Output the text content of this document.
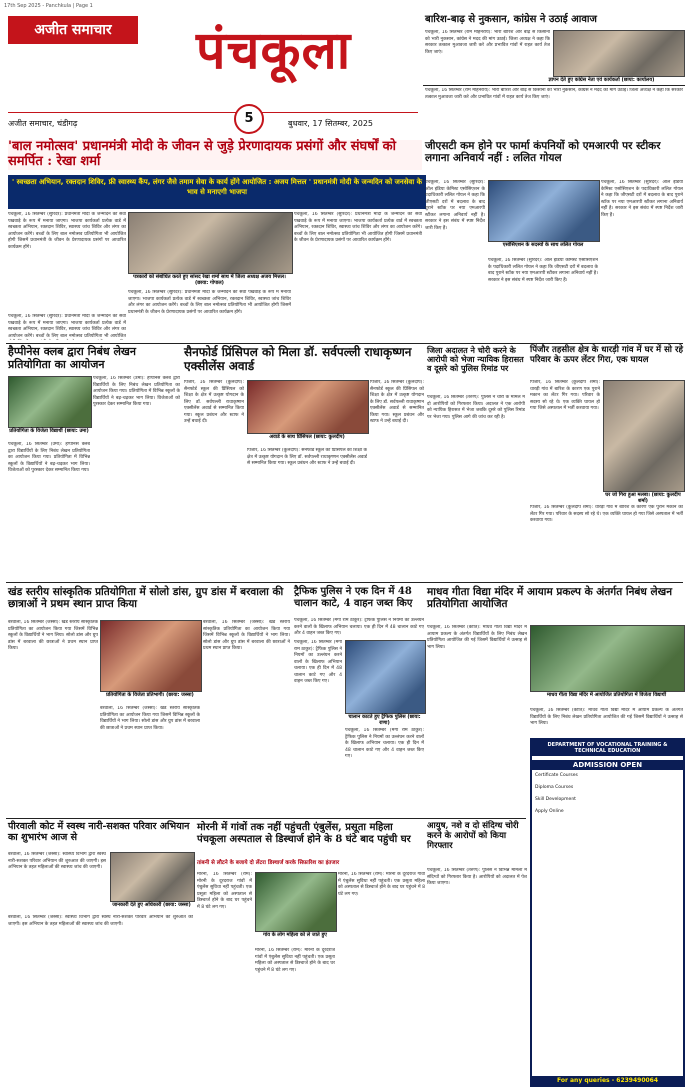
17th Sep 2025 - Panchkula | Page 1
अजीत समाचार	पंचकूला
अजीत समाचार, चंडीगढ़	बुधवार, 17 सितम्बर, 2025
5
बारिश-बाढ़ से नुकसान, कांग्रेस ने उठाई आवाज
पंचकूला, 16 सितम्बर (राम मोहनराय): भारी बारिश और बाढ़ से किसानों को भारी नुकसान, कांग्रेस ने मदद की मांग उठाई। जिला अध्यक्ष ने कहा कि सरकार तत्काल मुआवजा जारी करे और प्रभावित गांवों में राहत कार्य तेज किए जाएं।
ज्ञापन देते हुए कांग्रेस नेता एवं कार्यकर्ता (छाया: कार्यालय)
पंचकूला, 16 सितम्बर (राम मोहनराय): भारी बारिश और बाढ़ से किसानों को भारी नुकसान, कांग्रेस ने मदद की मांग उठाई। जिला अध्यक्ष ने कहा कि सरकार तत्काल मुआवजा जारी करे और प्रभावित गांवों में राहत कार्य तेज किए जाएं।
'बाल नमोत्सव' प्रधानमंत्री मोदी के जीवन से जुड़े प्रेरणादायक प्रसंगों और संघर्षों को समर्पित : रेखा शर्मा
' स्वच्छता अभियान, रक्तदान शिविर, फ्री स्वास्थ्य कैंप, लंगर जैसे तमाम सेवा के कार्य होंगे आयोजित : अजय मित्तल ' प्रधानमंत्री मोदी के जन्मदिन को जनसेवा के भाव से मनाएगी भाजपा
पंचकूला, 16 सितम्बर (सुरिंदर): प्रधानमंत्री मोदी के जन्मदिन को सेवा पखवाड़े के रूप में मनाया जाएगा। भाजपा कार्यकर्ता प्रत्येक वार्ड में स्वच्छता अभियान, रक्तदान शिविर, स्वास्थ्य जांच शिविर और लंगर का आयोजन करेंगे। बच्चों के लिए बाल नमोत्सव प्रतियोगिता भी आयोजित होगी जिसमें प्रधानमंत्री के जीवन के प्रेरणादायक प्रसंगों पर आधारित कार्यक्रम होंगे।
पत्रकारों को संबोधित करते हुए सांसद रेखा शर्मा साथ में जिला अध्यक्ष अजय मित्तल। (छाया: गोपाल)
पंचकूला, 16 सितम्बर (सुरिंदर): प्रधानमंत्री मोदी के जन्मदिन को सेवा पखवाड़े के रूप में मनाया जाएगा। भाजपा कार्यकर्ता प्रत्येक वार्ड में स्वच्छता अभियान, रक्तदान शिविर, स्वास्थ्य जांच शिविर और लंगर का आयोजन करेंगे। बच्चों के लिए बाल नमोत्सव प्रतियोगिता भी आयोजित होगी जिसमें प्रधानमंत्री के जीवन के प्रेरणादायक प्रसंगों पर आधारित कार्यक्रम होंगे।
पंचकूला, 16 सितम्बर (सुरिंदर): प्रधानमंत्री मोदी के जन्मदिन को सेवा पखवाड़े के रूप में मनाया जाएगा। भाजपा कार्यकर्ता प्रत्येक वार्ड में स्वच्छता अभियान, रक्तदान शिविर, स्वास्थ्य जांच शिविर और लंगर का आयोजन करेंगे। बच्चों के लिए बाल नमोत्सव प्रतियोगिता भी आयोजित होगी जिसमें प्रधानमंत्री के जीवन के प्रेरणादायक प्रसंगों पर आधारित कार्यक्रम होंगे।
पंचकूला, 16 सितम्बर (सुरिंदर): प्रधानमंत्री मोदी के जन्मदिन को सेवा पखवाड़े के रूप में मनाया जाएगा। भाजपा कार्यकर्ता प्रत्येक वार्ड में स्वच्छता अभियान, रक्तदान शिविर, स्वास्थ्य जांच शिविर और लंगर का आयोजन करेंगे। बच्चों के लिए बाल नमोत्सव प्रतियोगिता भी आयोजित
जीएसटी कम होने पर फार्मा कंपनियों को एमआरपी पर स्टीकर लगाना अनिवार्य नहीं : ललित गोयल
पंचकूला, 16 सितम्बर (सुरिंदर): ऑल इंडिया केमिस्ट एसोसिएशन के पदाधिकारी ललित गोयल ने कहा कि जीएसटी दरों में बदलाव के बाद पुराने स्टॉक पर नया एमआरपी स्टीकर लगाना अनिवार्य नहीं है। सरकार ने इस संबंध में स्पष्ट निर्देश जारी किए हैं।
एसोसिएशन के सदस्यों के साथ ललित गोयल
पंचकूला, 16 सितम्बर (सुरिंदर): ऑल इंडिया केमिस्ट एसोसिएशन के पदाधिकारी ललित गोयल ने कहा कि जीएसटी दरों में बदलाव के बाद पुराने स्टॉक पर नया एमआरपी स्टीकर लगाना अनिवार्य नहीं है। सरकार ने इस संबंध में स्पष्ट निर्देश जारी किए हैं।
पंचकूला, 16 सितम्बर (सुरिंदर): ऑल इंडिया केमिस्ट एसोसिएशन के पदाधिकारी ललित गोयल ने कहा कि जीएसटी दरों में बदलाव के बाद पुराने स्टॉक पर नया एमआरपी स्टीकर लगाना अनिवार्य नहीं है। सरकार ने इस संबंध में स्पष्ट निर्देश जारी किए हैं।
हैप्पीनेस क्लब द्वारा निबंध लेखन प्रतियोगिता का आयोजन
प्रतियोगिता के विजेता विद्यार्थी (छाया: उमा)
पंचकूला, 16 सितम्बर (उमा): हैप्पीनेस क्लब द्वारा विद्यार्थियों के लिए निबंध लेखन प्रतियोगिता का आयोजन किया गया। प्रतियोगिता में विभिन्न स्कूलों के विद्यार्थियों ने बढ़-चढ़कर भाग लिया। विजेताओं को पुरस्कार देकर सम्मानित किया गया।
पंचकूला, 16 सितम्बर (उमा): हैप्पीनेस क्लब द्वारा विद्यार्थियों के लिए निबंध लेखन प्रतियोगिता का आयोजन किया गया। प्रतियोगिता में विभिन्न स्कूलों के विद्यार्थियों ने बढ़-चढ़कर भाग लिया। विजेताओं को पुरस्कार देकर सम्मानित किया गया।
सैनफोर्ड प्रिंसिपल को मिला डॉ. सर्वपल्ली राधाकृष्णन एक्सीलेंस अवार्ड
पिंजौर, 16 सितम्बर (कुलदीप): सैनफोर्ड स्कूल की प्रिंसिपल को शिक्षा के क्षेत्र में उत्कृष्ट योगदान के लिए डॉ. सर्वपल्ली राधाकृष्णन एक्सीलेंस अवार्ड से सम्मानित किया गया। स्कूल प्रबंधन और स्टाफ ने उन्हें बधाई दी।
अवार्ड के साथ प्रिंसिपल (छाया: कुलदीप)
पिंजौर, 16 सितम्बर (कुलदीप): सैनफोर्ड स्कूल की प्रिंसिपल को शिक्षा के क्षेत्र में उत्कृष्ट योगदान के लिए डॉ. सर्वपल्ली राधाकृष्णन एक्सीलेंस अवार्ड से सम्मानित किया गया। स्कूल प्रबंधन और स्टाफ ने उन्हें बधाई दी।
पिंजौर, 16 सितम्बर (कुलदीप): सैनफोर्ड स्कूल की प्रिंसिपल को शिक्षा के क्षेत्र में उत्कृष्ट योगदान के लिए डॉ. सर्वपल्ली राधाकृष्णन एक्सीलेंस अवार्ड से सम्मानित किया गया। स्कूल प्रबंधन और स्टाफ ने उन्हें बधाई दी।
जिला अदालत ने चोरी करने के आरोपी को भेजा न्यायिक हिरासत व दूसरे को पुलिस रिमांड पर
पंचकूला, 16 सितम्बर (तरुण): पुलिस ने चोरी के मामले में दो आरोपियों को गिरफ्तार किया। अदालत ने एक आरोपी को न्यायिक हिरासत में भेजा जबकि दूसरे को पुलिस रिमांड पर भेजा गया। पुलिस आगे की जांच कर रही है।
पिंजौर तहसील क्षेत्र के धारड़ी गांव में घर में सो रहे परिवार के ऊपर लेंटर गिरा, एक घायल
पिंजौर, 16 सितम्बर (कुलदीप शर्मा): धारड़ी गांव में बारिश के कारण एक पुराने मकान का लेंटर गिर गया। परिवार के सदस्य सो रहे थे। एक व्यक्ति घायल हो गया जिसे अस्पताल में भर्ती करवाया गया।
घर जो गिरा हुआ मलबा। (छाया: कुलदीप शर्मा)
पिंजौर, 16 सितम्बर (कुलदीप शर्मा): धारड़ी गांव में बारिश के कारण एक पुराने मकान का लेंटर गिर गया। परिवार के सदस्य सो रहे थे। एक व्यक्ति घायल हो गया जिसे अस्पताल में भर्ती करवाया गया।
खंड स्तरीय सांस्कृतिक प्रतियोगिता में सोलो डांस, ग्रुप डांस में बरवाला की छात्राओं ने प्रथम स्थान प्राप्त किया
बरवाला, 16 सितम्बर (जस्सा): खंड स्तरीय सांस्कृतिक प्रतियोगिता का आयोजन किया गया जिसमें विभिन्न स्कूलों के विद्यार्थियों ने भाग लिया। सोलो डांस और ग्रुप डांस में बरवाला की छात्राओं ने प्रथम स्थान प्राप्त किया।
प्रतियोगिता के विजेता प्रतिभागी। (छाया: जस्सा)
बरवाला, 16 सितम्बर (जस्सा): खंड स्तरीय सांस्कृतिक प्रतियोगिता का आयोजन किया गया जिसमें विभिन्न स्कूलों के विद्यार्थियों ने भाग लिया। सोलो डांस और ग्रुप डांस में बरवाला की छात्राओं ने प्रथम स्थान प्राप्त किया।
बरवाला, 16 सितम्बर (जस्सा): खंड स्तरीय सांस्कृतिक प्रतियोगिता का आयोजन किया गया जिसमें विभिन्न स्कूलों के विद्यार्थियों ने भाग लिया। सोलो डांस और ग्रुप डांस में बरवाला की छात्राओं ने प्रथम स्थान प्राप्त किया।
ट्रैफिक पुलिस ने एक दिन में 48 चालान काटे, 4 वाहन जब्त किए
पंचकूला, 16 सितम्बर (मेगा राम ठाकुर): ट्रैफिक पुलिस ने नियमों का उल्लंघन करने वालों के खिलाफ अभियान चलाया। एक ही दिन में 48 चालान काटे गए और 4 वाहन जब्त किए गए।
चालान काटते हुए ट्रैफिक पुलिस (छाया: राणा)
पंचकूला, 16 सितम्बर (मेगा राम ठाकुर): ट्रैफिक पुलिस ने नियमों का उल्लंघन करने वालों के खिलाफ अभियान चलाया। एक ही दिन में 48 चालान काटे गए और 4 वाहन जब्त किए गए।
पंचकूला, 16 सितम्बर (मेगा राम ठाकुर): ट्रैफिक पुलिस ने नियमों का उल्लंघन करने वालों के खिलाफ अभियान चलाया। एक ही दिन में 48 चालान काटे गए और 4 वाहन जब्त किए गए।
माधव गीता विद्या मंदिर में आयाम प्रकल्प के अंतर्गत निबंध लेखन प्रतियोगिता आयोजित
पंचकूला, 16 सितम्बर (कीर्ति): माधव गीता विद्या मंदिर में आयाम प्रकल्प के अंतर्गत विद्यार्थियों के लिए निबंध लेखन प्रतियोगिता आयोजित की गई जिसमें विद्यार्थियों ने उत्साह से भाग लिया।
माधव गीता विद्या मंदिर में आयोजित प्रतियोगिता में विजेता विद्यार्थी
पंचकूला, 16 सितम्बर (कीर्ति): माधव गीता विद्या मंदिर में आयाम प्रकल्प के अंतर्गत विद्यार्थियों के लिए निबंध लेखन प्रतियोगिता आयोजित की गई जिसमें विद्यार्थियों ने उत्साह से भाग लिया।
DEPARTMENT OF VOCATIONAL TRAINING & TECHNICAL EDUCATION
ADMISSION OPEN
Certificate Courses
Diploma Courses
Skill Development
Apply Online
For any queries - 6239490064
पीरवाली कोट में स्वस्थ नारी-सशक्त परिवार अभियान का शुभारंभ आज से
बरवाला, 16 सितम्बर (जस्सा): स्वास्थ्य विभाग द्वारा स्वस्थ नारी-सशक्त परिवार अभियान की शुरुआत की जाएगी। इस अभियान के तहत महिलाओं की स्वास्थ्य जांच की जाएगी।
जानकारी देते हुए अधिकारी (छाया: जस्सा)
बरवाला, 16 सितम्बर (जस्सा): स्वास्थ्य विभाग द्वारा स्वस्थ नारी-सशक्त परिवार अभियान की शुरुआत की जाएगी। इस अभियान के तहत महिलाओं की स्वास्थ्य जांच की जाएगी।
मोरनी में गांवों तक नहीं पहुंचती एंबुलेंस, प्रसूता महिला पंचकूला अस्पताल से डिस्चार्ज होने के 8 घंटे बाद पहुंची घर
तांबनी से लौटने के बजाये दो लेंटरा डिस्चार्ज करके सिफ़ारिश का इंतजार
मोरनी, 16 सितम्बर (राम): मोरनी के दूरदराज गांवों में एंबुलेंस सुविधा नहीं पहुंचती। एक प्रसूता महिला को अस्पताल से डिस्चार्ज होने के बाद घर पहुंचने में 8 घंटे लग गए।
गांव के लोग महिला को ले जाते हुए
मोरनी, 16 सितम्बर (राम): मोरनी के दूरदराज गांवों में एंबुलेंस सुविधा नहीं पहुंचती। एक प्रसूता महिला को अस्पताल से डिस्चार्ज होने के बाद घर पहुंचने में 8 घंटे लग गए।
मोरनी, 16 सितम्बर (राम): मोरनी के दूरदराज गांवों में एंबुलेंस सुविधा नहीं पहुंचती। एक प्रसूता महिला को अस्पताल से डिस्चार्ज होने के बाद घर पहुंचने में 8 घंटे लग गए।
आयुष, नशे व दो संदिग्ध चोरी करने के आरोपों को किया गिरफ्तार
पंचकूला, 16 सितम्बर (तरुण): पुलिस ने विभिन्न मामलों में संदिग्धों को गिरफ्तार किया है। आरोपियों को अदालत में पेश किया जाएगा।
